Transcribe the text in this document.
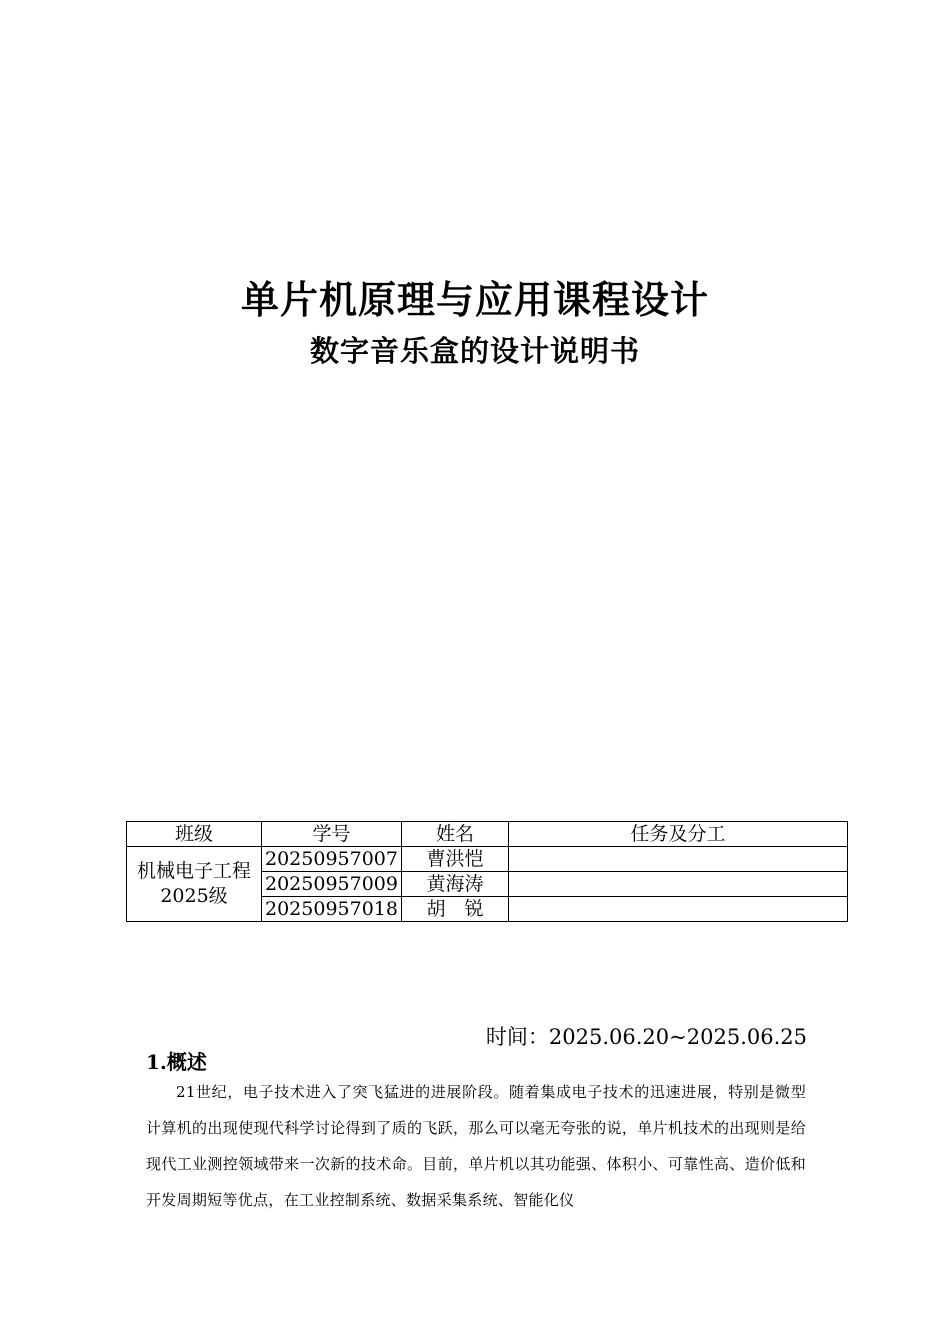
单片机原理与应用课程设计
数字音乐盒的设计说明书
班级	学号	姓名	任务及分工
机械电子工程2025级	20250957007	曹洪恺	
	20250957009	黄海涛	
	20250957018	胡　锐	
时间：2025.06.20~2025.06.25
1.概述
21世纪，电子技术进入了突飞猛进的进展阶段。随着集成电子技术的迅速进展，特别是微型计算机的出现使现代科学讨论得到了质的飞跃，那么可以毫无夸张的说，单片机技术的出现则是给现代工业测控领域带来一次新的技术命。目前，单片机以其功能强、体积小、可靠性高、造价低和开发周期短等优点，在工业控制系统、数据采集系统、智能化仪
